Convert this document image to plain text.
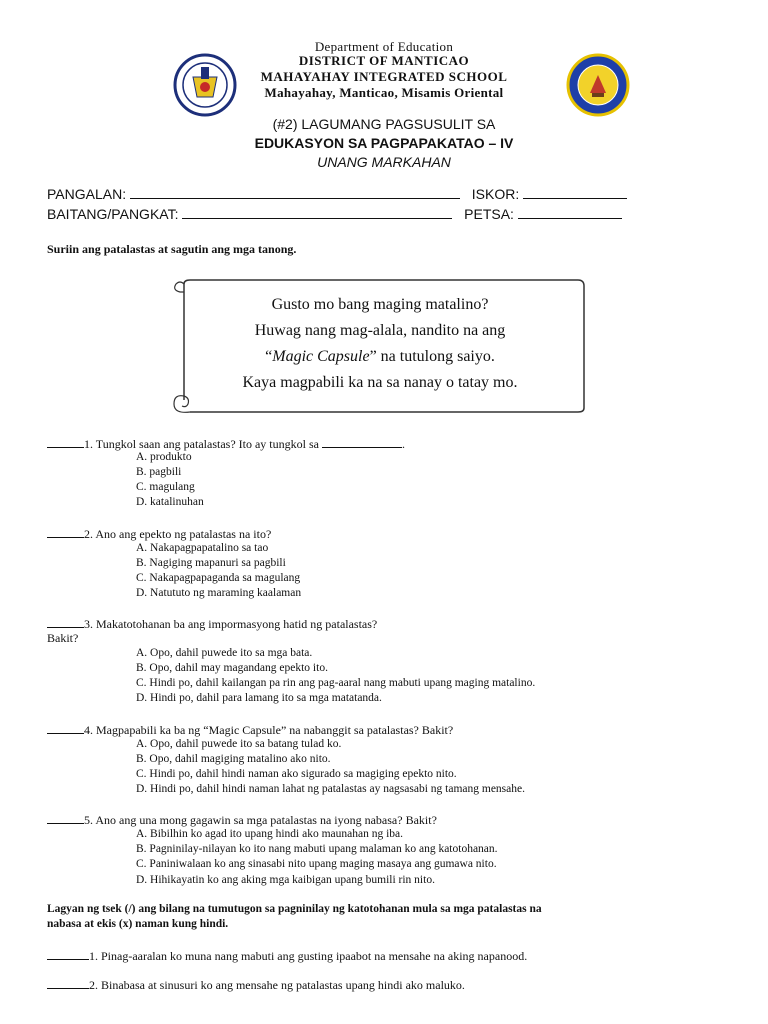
Department of Education
DISTRICT OF MANTICAO
MAHAYAHAY INTEGRATED SCHOOL
Mahayahay, Manticao, Misamis Oriental
(#2) LAGUMANG PAGSUSULIT SA
EDUKASYON SA PAGPAPAKATAO – IV
UNANG MARKAHAN
PANGALAN:	ISKOR:
BAITANG/PANGKAT:	PETSA:
Suriin ang patalastas at sagutin ang mga tanong.
Gusto mo bang maging matalino?
Huwag nang mag-alala, nandito na ang
“Magic Capsule” na tutulong saiyo.
Kaya magpabili ka na sa nanay o tatay mo.
1. Tungkol saan ang patalastas? Ito ay tungkol sa	.
A. produkto
B. pagbili
C. magulang
D. katalinuhan
2. Ano ang epekto ng patalastas na ito?
A. Nakapagpapatalino sa tao
B. Nagiging mapanuri sa pagbili
C. Nakapagpapaganda sa magulang
D. Natututo ng maraming kaalaman
3. Makatotohanan ba ang impormasyong hatid ng patalastas?
Bakit?
A. Opo, dahil puwede ito sa mga bata.
B. Opo, dahil may magandang epekto ito.
C. Hindi po, dahil kailangan pa rin ang pag-aaral nang mabuti upang maging matalino.
D. Hindi po, dahil para lamang ito sa mga matatanda.
4. Magpapabili ka ba ng “Magic Capsule” na nabanggit sa patalastas? Bakit?
A. Opo, dahil puwede ito sa batang tulad ko.
B. Opo, dahil magiging matalino ako nito.
C. Hindi po, dahil hindi naman ako sigurado sa magiging epekto nito.
D. Hindi po, dahil hindi naman lahat ng patalastas ay nagsasabi ng tamang mensahe.
5. Ano ang una mong gagawin sa mga patalastas na iyong nabasa? Bakit?
A. Bibilhin ko agad ito upang hindi ako maunahan ng iba.
B. Pagninilay-nilayan ko ito nang mabuti upang malaman ko ang katotohanan.
C. Paniniwalaan ko ang sinasabi nito upang maging masaya ang gumawa nito.
D. Hihikayatin ko ang aking mga kaibigan upang bumili rin nito.
Lagyan ng tsek (/) ang bilang na tumutugon sa pagninilay ng katotohanan mula sa mga patalastas na
nabasa at ekis (x) naman kung hindi.
1. Pinag-aaralan ko muna nang mabuti ang gusting ipaabot na mensahe na aking napanood.
2. Binabasa at sinusuri ko ang mensahe ng patalastas upang hindi ako maluko.
